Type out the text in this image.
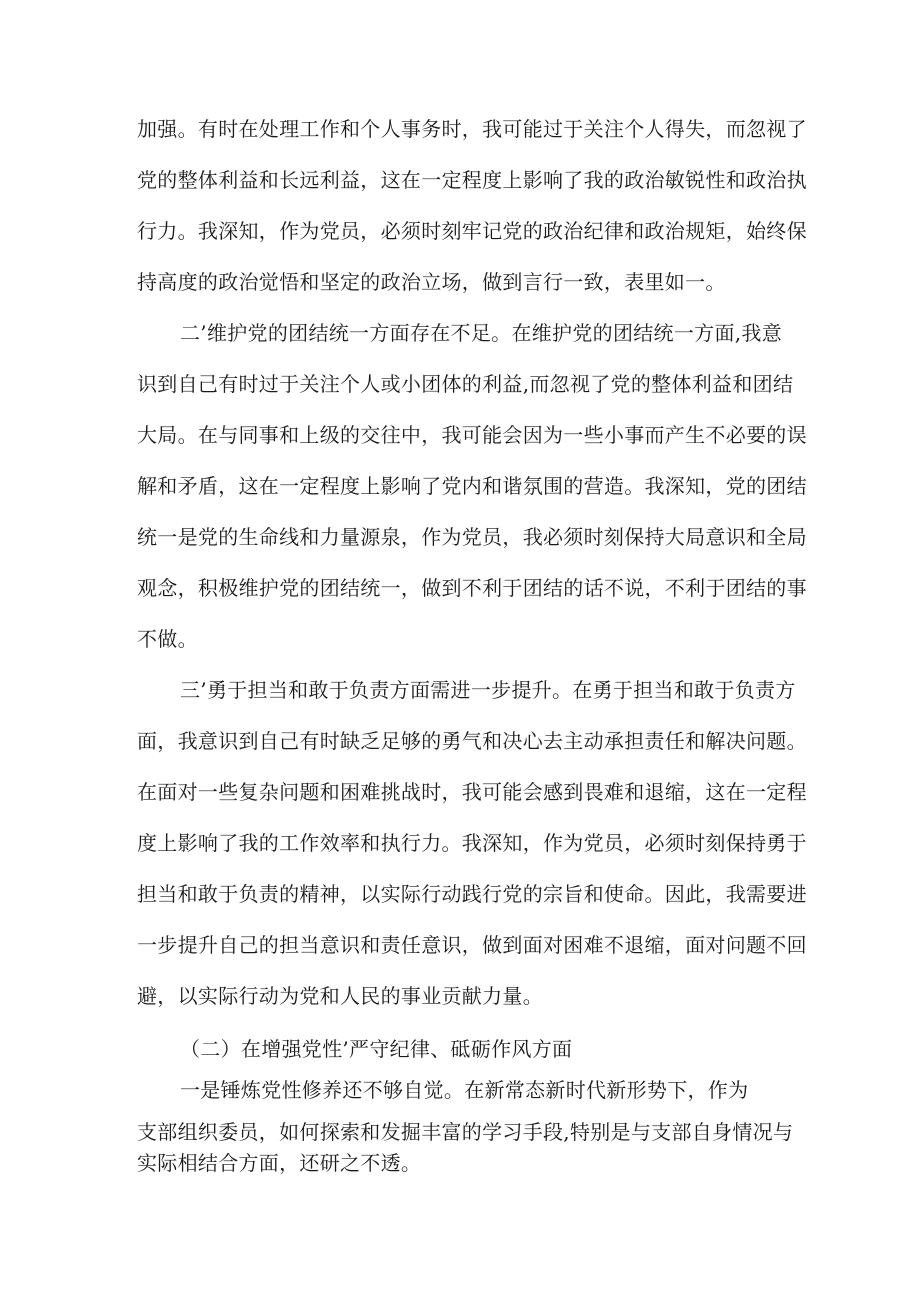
加强。有时在处理工作和个人事务时，我可能过于关注个人得失，而忽视了
党的整体利益和长远利益，这在一定程度上影响了我的政治敏锐性和政治执
行力。我深知，作为党员，必须时刻牢记党的政治纪律和政治规矩，始终保
持高度的政治觉悟和坚定的政治立场，做到言行一致，表里如一。
二’维护党的团结统一方面存在不足。在维护党的团结统一方面,我意
识到自己有时过于关注个人或小团体的利益,而忽视了党的整体利益和团结
大局。在与同事和上级的交往中，我可能会因为一些小事而产生不必要的误
解和矛盾，这在一定程度上影响了党内和谐氛围的营造。我深知，党的团结
统一是党的生命线和力量源泉，作为党员，我必须时刻保持大局意识和全局
观念，积极维护党的团结统一，做到不利于团结的话不说，不利于团结的事
不做。
三’勇于担当和敢于负责方面需进一步提升。在勇于担当和敢于负责方
面，我意识到自己有时缺乏足够的勇气和决心去主动承担责任和解决问题。
在面对一些复杂问题和困难挑战时，我可能会感到畏难和退缩，这在一定程
度上影响了我的工作效率和执行力。我深知，作为党员，必须时刻保持勇于
担当和敢于负责的精神，以实际行动践行党的宗旨和使命。因此，我需要进
一步提升自己的担当意识和责任意识，做到面对困难不退缩，面对问题不回
避，以实际行动为党和人民的事业贡献力量。
（二）在增强党性’严守纪律、砥砺作风方面
一是锤炼党性修养还不够自觉。在新常态新时代新形势下，作为
支部组织委员，如何探索和发掘丰富的学习手段,特别是与支部自身情况与
实际相结合方面，还研之不透。
